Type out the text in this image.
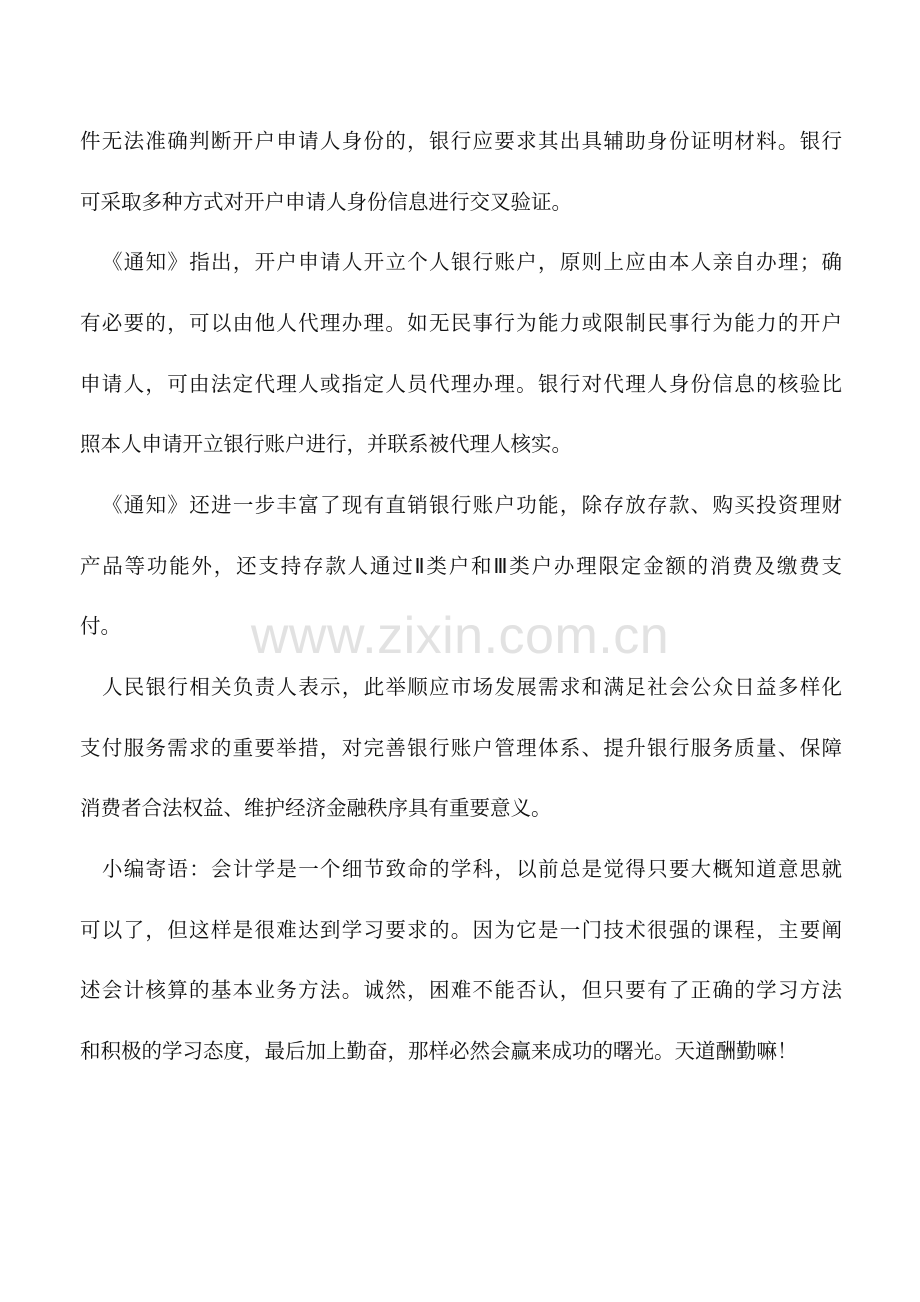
件无法准确判断开户申请人身份的，银行应要求其出具辅助身份证明材料。银行
可采取多种方式对开户申请人身份信息进行交叉验证。
《通知》指出，开户申请人开立个人银行账户，原则上应由本人亲自办理；确
有必要的，可以由他人代理办理。如无民事行为能力或限制民事行为能力的开户
申请人，可由法定代理人或指定人员代理办理。银行对代理人身份信息的核验比
照本人申请开立银行账户进行，并联系被代理人核实。
《通知》还进一步丰富了现有直销银行账户功能，除存放存款、购买投资理财
产品等功能外，还支持存款人通过Ⅱ类户和Ⅲ类户办理限定金额的消费及缴费支
付。
人民银行相关负责人表示，此举顺应市场发展需求和满足社会公众日益多样化
支付服务需求的重要举措，对完善银行账户管理体系、提升银行服务质量、保障
消费者合法权益、维护经济金融秩序具有重要意义。
小编寄语：会计学是一个细节致命的学科，以前总是觉得只要大概知道意思就
可以了，但这样是很难达到学习要求的。因为它是一门技术很强的课程，主要阐
述会计核算的基本业务方法。诚然，困难不能否认，但只要有了正确的学习方法
和积极的学习态度，最后加上勤奋，那样必然会赢来成功的曙光。天道酬勤嘛！
www.zixin.com.cn
